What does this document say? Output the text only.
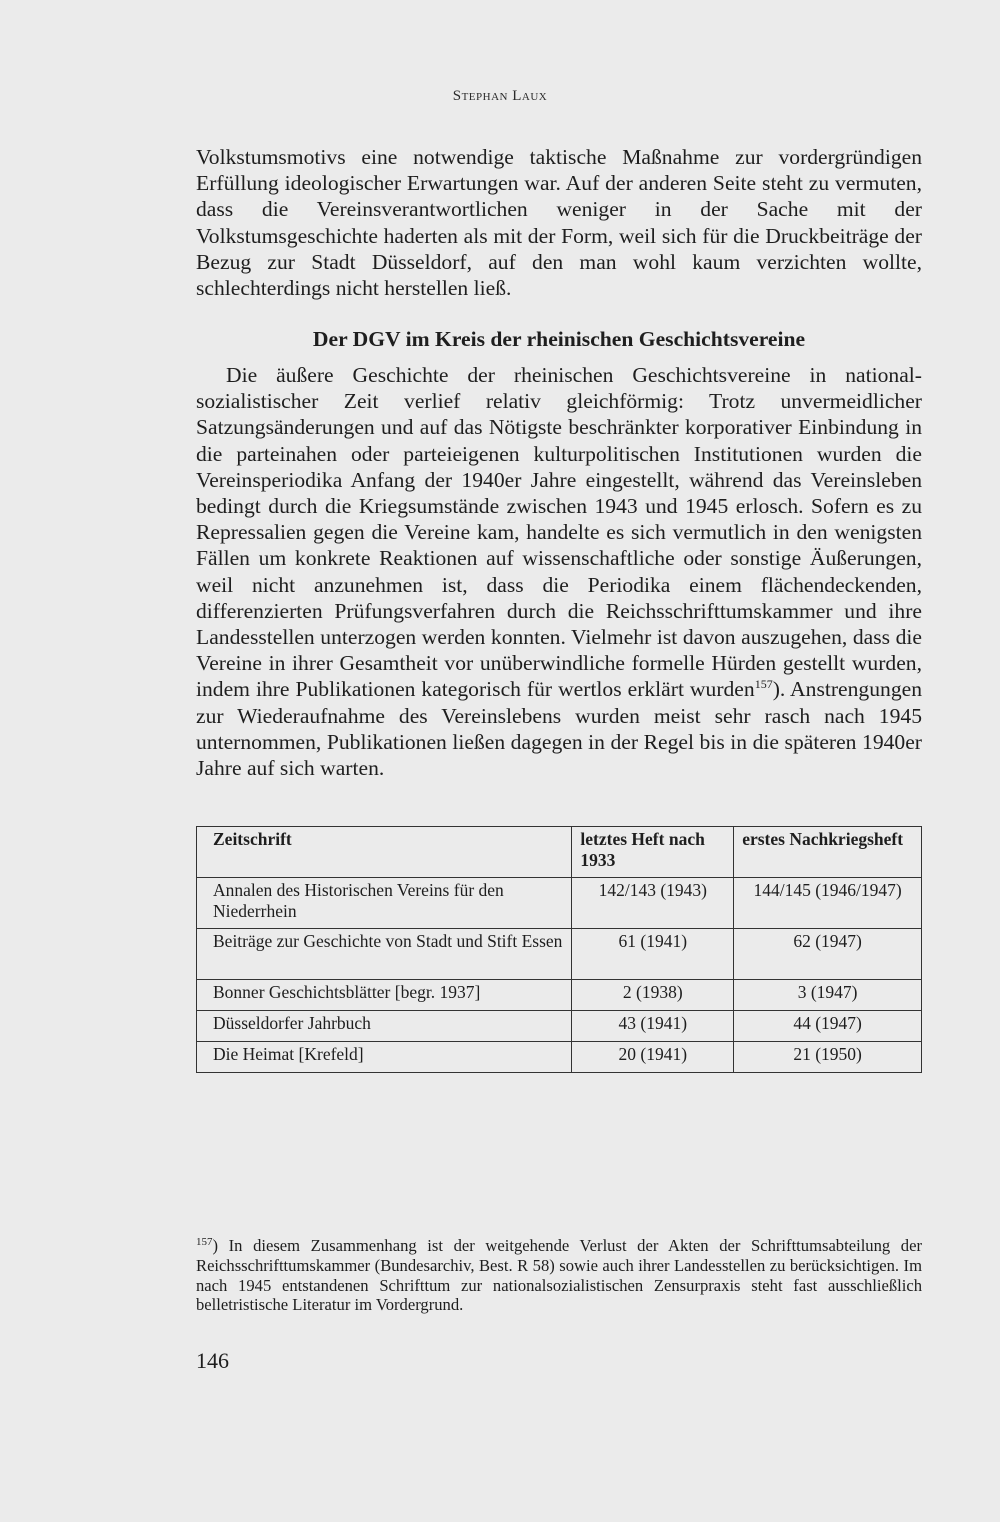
Stephan Laux

Volkstumsmotivs eine notwendige taktische Maßnahme zur vordergründigen Erfüllung ideologischer Erwartungen war. Auf der anderen Seite steht zu vermuten, dass die Vereinsverantwortlichen weniger in der Sache mit der Volkstumsgeschichte haderten als mit der Form, weil sich für die Druckbeiträge der Bezug zur Stadt Düsseldorf, auf den man wohl kaum verzichten wollte, schlechterdings nicht herstellen ließ.

Der DGV im Kreis der rheinischen Geschichtsvereine

Die äußere Geschichte der rheinischen Geschichtsvereine in nationalsozialistischer Zeit verlief relativ gleichförmig: Trotz unvermeidlicher Satzungsänderungen und auf das Nötigste beschränkter korporativer Einbindung in die parteinahen oder parteieigenen kulturpolitischen Institutionen wurden die Vereinsperiodika Anfang der 1940er Jahre eingestellt, während das Vereinsleben bedingt durch die Kriegsumstände zwischen 1943 und 1945 erlosch. Sofern es zu Repressalien gegen die Vereine kam, handelte es sich vermutlich in den wenigsten Fällen um konkrete Reaktionen auf wissenschaftliche oder sonstige Äußerungen, weil nicht anzunehmen ist, dass die Periodika einem flächendeckenden, differenzierten Prüfungsverfahren durch die Reichsschrifttumskammer und ihre Landesstellen unterzogen werden konnten. Vielmehr ist davon auszugehen, dass die Vereine in ihrer Gesamtheit vor unüberwindliche formelle Hürden gestellt wurden, indem ihre Publikationen kategorisch für wertlos erklärt wurden$^{157}$). Anstrengungen zur Wiederaufnahme des Vereinslebens wurden meist sehr rasch nach 1945 unternommen, Publikationen ließen dagegen in der Regel bis in die späteren 1940er Jahre auf sich warten.

Zeitschrift	letztes Heft nach 1933	erstes Nachkriegsheft
Annalen des Historischen Vereins für den Niederrhein	142/143 (1943)	144/145 (1946/1947)
Beiträge zur Geschichte von Stadt und Stift Essen	61 (1941)	62 (1947)
Bonner Geschichtsblätter [begr. 1937]	2 (1938)	3 (1947)
Düsseldorfer Jahrbuch	43 (1941)	44 (1947)
Die Heimat [Krefeld]	20 (1941)	21 (1950)

$^{157}$) In diesem Zusammenhang ist der weitgehende Verlust der Akten der Schrifttumsabteilung der Reichsschrifttumskammer (Bundesarchiv, Best. R 58) sowie auch ihrer Landesstellen zu berücksichtigen. Im nach 1945 entstandenen Schrifttum zur nationalsozialistischen Zensurpraxis steht fast ausschließlich belletristische Literatur im Vordergrund.

146
